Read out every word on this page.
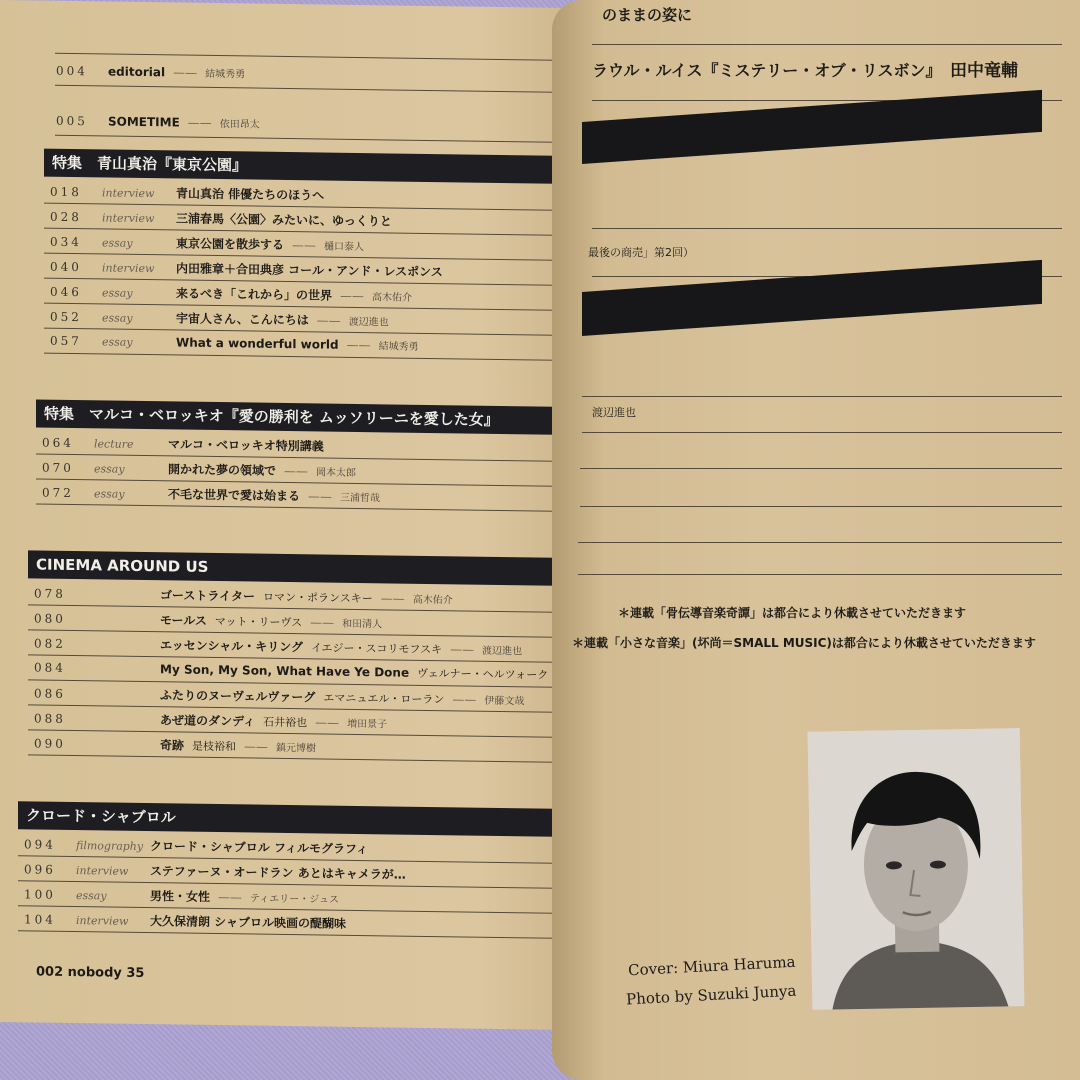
004 editorial —— 結城秀勇
005 SOMETIME —— 依田昂太
特集　青山真治『東京公園』
018 interview 青山真治 俳優たちのほうへ
028 interview 三浦春馬〈公園〉みたいに、ゆっくりと
034 essay	東京公園を散歩する —— 樋口泰人
040 interview 内田雅章＋合田典彦 コール・アンド・レスポンス
046 essay	来るべき「これから」の世界 —— 高木佑介
052 essay	宇宙人さん、こんにちは —— 渡辺進也
057 essay	What a wonderful world —— 結城秀勇
特集　マルコ・ベロッキオ『愛の勝利を ムッソリーニを愛した女』
064 lecture	マルコ・ベロッキオ特別講義
070 essay	開かれた夢の領域で —— 岡本太郎
072 essay	不毛な世界で愛は始まる —— 三浦哲哉
CINEMA AROUND US
078	ゴーストライター ロマン・ポランスキー —— 高木佑介
080	モールス マット・リーヴス —— 和田清人
082	エッセンシャル・キリング イエジー・スコリモフスキ —— 渡辺進也
084	My Son, My Son, What Have Ye Done ヴェルナー・ヘルツォーク
086	ふたりのヌーヴェルヴァーグ エマニュエル・ローラン —— 伊藤文哉
088	あぜ道のダンディ 石井裕也 —— 増田景子
090	奇跡 是枝裕和 —— 鎮元博樹
クロード・シャブロル
094 filmography クロード・シャブロル フィルモグラフィ
096 interview ステファーヌ・オードラン あとはキャメラが…
100 essay	男性・女性 —— ティエリー・ジュス
104 interview 大久保清朗 シャブロル映画の醍醐味
002 nobody 35
のままの姿に
ラウル・ルイス『ミステリー・オブ・リスボン』 田中竜輔
最後の商売」第2回）
渡辺進也
＊連載「骨伝導音楽奇譚」は都合により休載させていただきます
＊連載「小さな音楽」(坏尚＝SMALL MUSIC)は都合により休載させていただきます
Cover: Miura Haruma
Photo by Suzuki Junya
